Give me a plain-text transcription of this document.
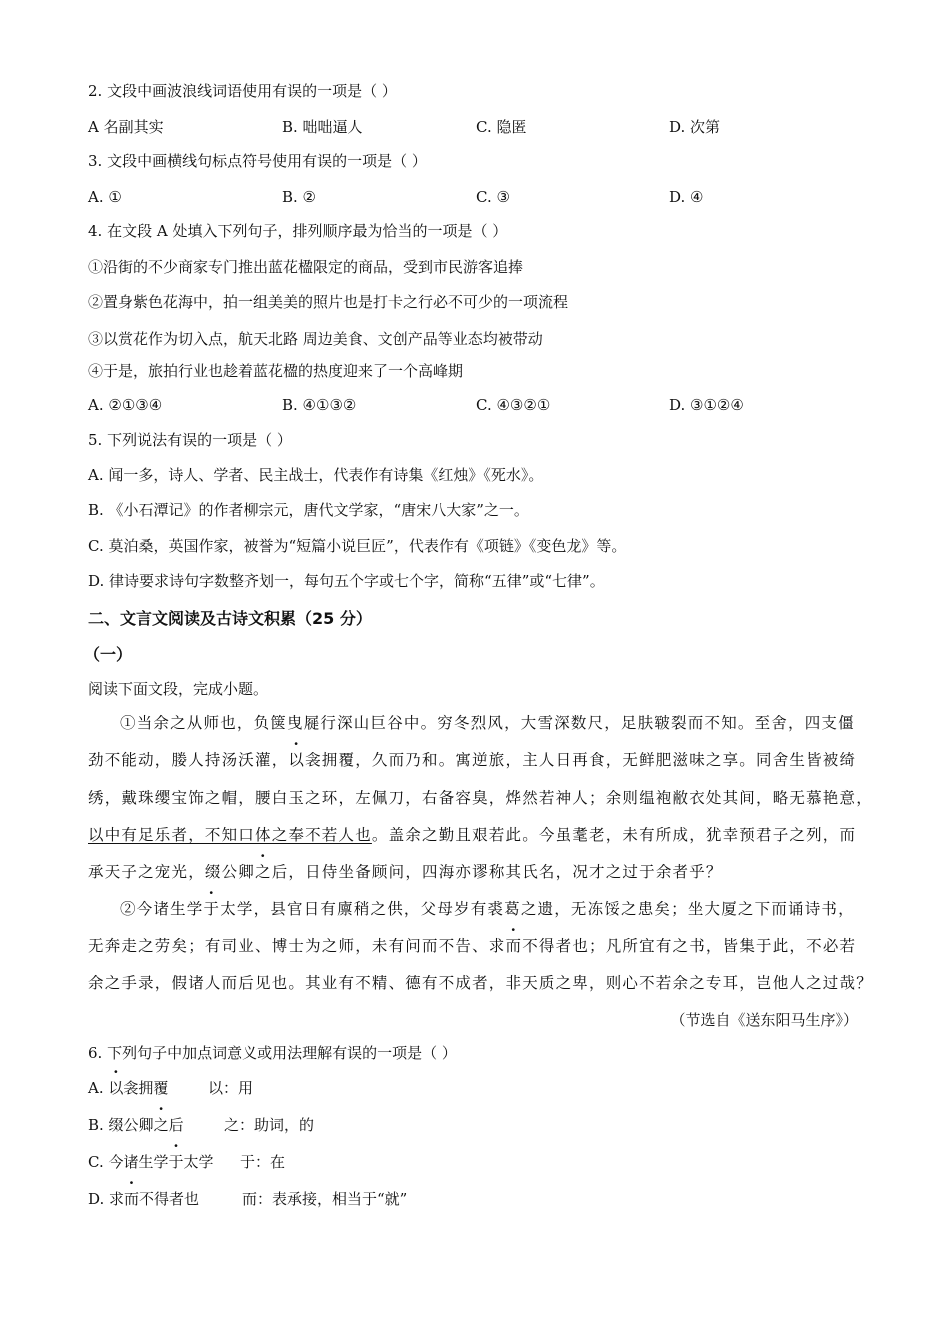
2. 文段中画波浪线词语使用有误的一项是（ ）
A 名副其实	B. 咄咄逼人	C. 隐匿	D. 次第
3. 文段中画横线句标点符号使用有误的一项是（ ）
A. ①	B. ②	C. ③	D. ④
4. 在文段 A 处填入下列句子，排列顺序最为恰当的一项是（ ）
①沿街的不少商家专门推出蓝花楹限定的商品，受到市民游客追捧
②置身紫色花海中，拍一组美美的照片也是打卡之行必不可少的一项流程
③以赏花作为切入点，航天北路 周边美食、文创产品等业态均被带动
④于是，旅拍行业也趁着蓝花楹的热度迎来了一个高峰期
A. ②①③④	B. ④①③②	C. ④③②①	D. ③①②④
5. 下列说法有误的一项是（ ）
A. 闻一多，诗人、学者、民主战士，代表作有诗集《红烛》《死水》。
B. 《小石潭记》的作者柳宗元，唐代文学家，“唐宋八大家”之一。
C. 莫泊桑，英国作家，被誉为“短篇小说巨匠”，代表作有《项链》《变色龙》等。
D. 律诗要求诗句字数整齐划一，每句五个字或七个字，简称“五律”或“七律”。
二、文言文阅读及古诗文积累（25 分）
（一）
阅读下面文段，完成小题。
①当余之从师也，负箧曳屣行深山巨谷中。穷冬烈风，大雪深数尺，足肤皲裂而不知。至舍，四支僵
劲不能动，媵人持汤沃灌，以衾拥覆，久而乃和。寓逆旅，主人日再食，无鲜肥滋味之享。同舍生皆被绮
绣，戴珠缨宝饰之帽，腰白玉之环，左佩刀，右备容臭，烨然若神人；余则缊袍敝衣处其间，略无慕艳意，
以中有足乐者，不知口体之奉不若人也。盖余之勤且艰若此。今虽耄老，未有所成，犹幸预君子之列，而
承天子之宠光，缀公卿之后，日侍坐备顾问，四海亦谬称其氏名，况才之过于余者乎？
②今诸生学于太学，县官日有廪稍之供，父母岁有裘葛之遗，无冻馁之患矣；坐大厦之下而诵诗书，
无奔走之劳矣；有司业、博士为之师，未有问而不告、求而不得者也；凡所宜有之书，皆集于此，不必若
余之手录，假诸人而后见也。其业有不精、德有不成者，非天质之卑，则心不若余之专耳，岂他人之过哉？
（节选自《送东阳马生序》）
6. 下列句子中加点词意义或用法理解有误的一项是（ ）
A. 以衾拥覆	以：用
B. 缀公卿之后	之：助词，的
C. 今诸生学于太学 于：在
D. 求而不得者也	而：表承接，相当于“就”
